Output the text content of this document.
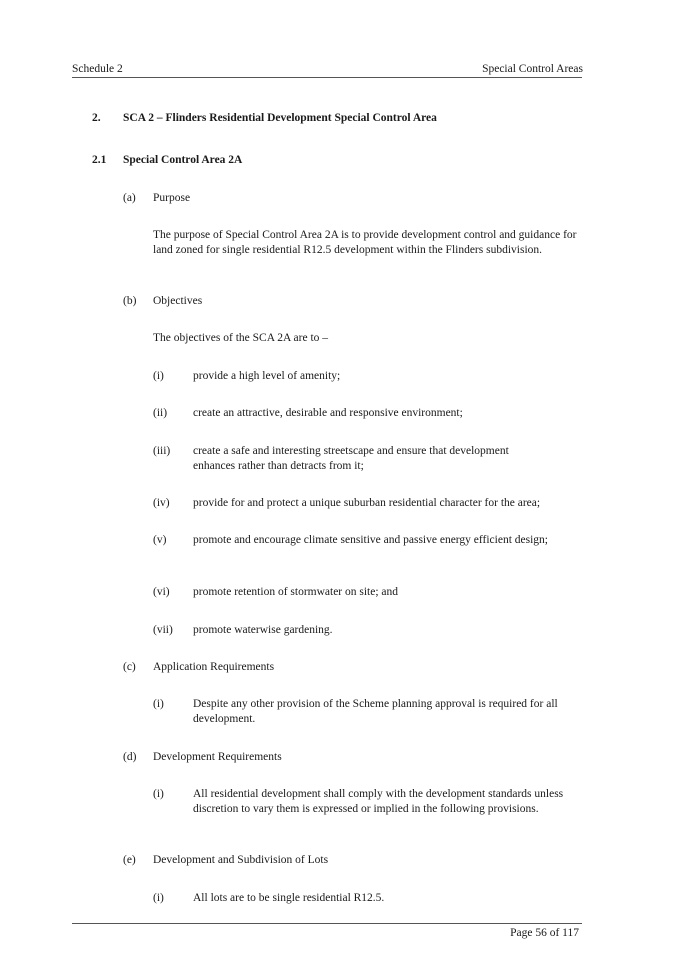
Schedule 2	Special Control Areas
2. SCA 2 – Flinders Residential Development Special Control Area
2.1 Special Control Area 2A
(a) Purpose
The purpose of Special Control Area 2A is to provide development control and guidance for land zoned for single residential R12.5 development within the Flinders subdivision.
(b) Objectives
The objectives of the SCA 2A are to –
(i)	provide a high level of amenity;
(ii) create an attractive, desirable and responsive environment;
(iii) create a safe and interesting streetscape and ensure that development enhances rather than detracts from it;
(iv) provide for and protect a unique suburban residential character for the area;
(v) promote and encourage climate sensitive and passive energy efficient design;
(vi) promote retention of stormwater on site; and
(vii) promote waterwise gardening.
(c) Application Requirements
(i)	Despite any other provision of the Scheme planning approval is required for all development.
(d) Development Requirements
(i)	All residential development shall comply with the development standards unless discretion to vary them is expressed or implied in the following provisions.
(e) Development and Subdivision of Lots
(i)	All lots are to be single residential R12.5.
Page 56 of 117
